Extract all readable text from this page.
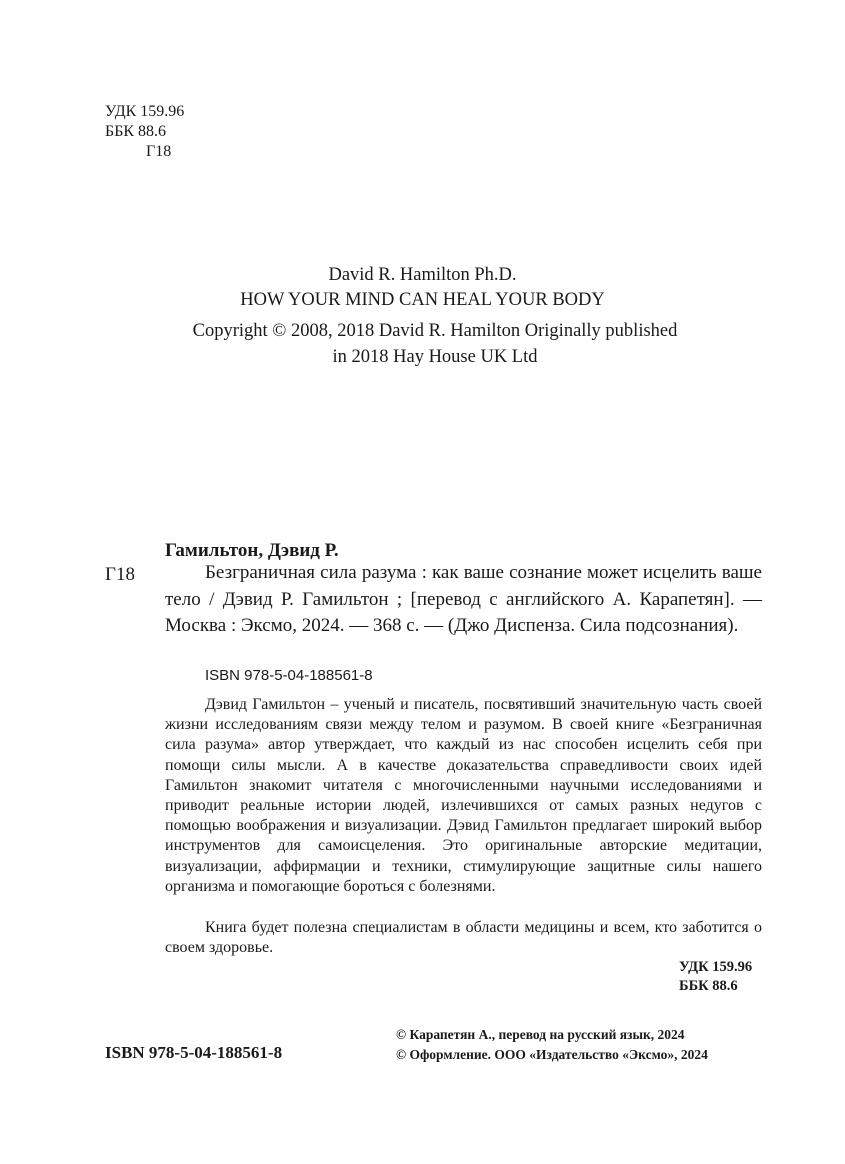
УДК 159.96
ББК 88.6
Г18
David R. Hamilton Ph.D.
HOW YOUR MIND CAN HEAL YOUR BODY
Copyright © 2008, 2018 David R. Hamilton Originally published
in 2018 Hay House UK Ltd
Гамильтон, Дэвид Р.
Г18	Безграничная сила разума : как ваше сознание может исцелить ваше тело / Дэвид Р. Гамильтон ; [перевод с английского А. Карапетян]. — Москва : Эксмо, 2024. — 368 с. — (Джо Диспенза. Сила подсознания).

ISBN 978-5-04-188561-8

Дэвид Гамильтон – ученый и писатель, посвятивший значительную часть своей жизни исследованиям связи между телом и разумом. В своей книге «Безграничная сила разума» автор утверждает, что каждый из нас способен исцелить себя при помощи силы мысли. А в качестве доказательства справедливости своих идей Гамильтон знакомит читателя с многочисленными научными исследованиями и приводит реальные истории людей, излечившихся от самых разных недугов с помощью воображения и визуализации. Дэвид Гамильтон предлагает широкий выбор инструментов для самоисцеления. Это оригинальные авторские медитации, визуализации, аффирмации и техники, стимулирующие защитные силы нашего организма и помогающие бороться с болезнями.

Книга будет полезна специалистам в области медицины и всем, кто заботится о своем здоровье.

УДК 159.96
ББК 88.6
ISBN 978-5-04-188561-8
© Карапетян А., перевод на русский язык, 2024
© Оформление. ООО «Издательство «Эксмо», 2024
